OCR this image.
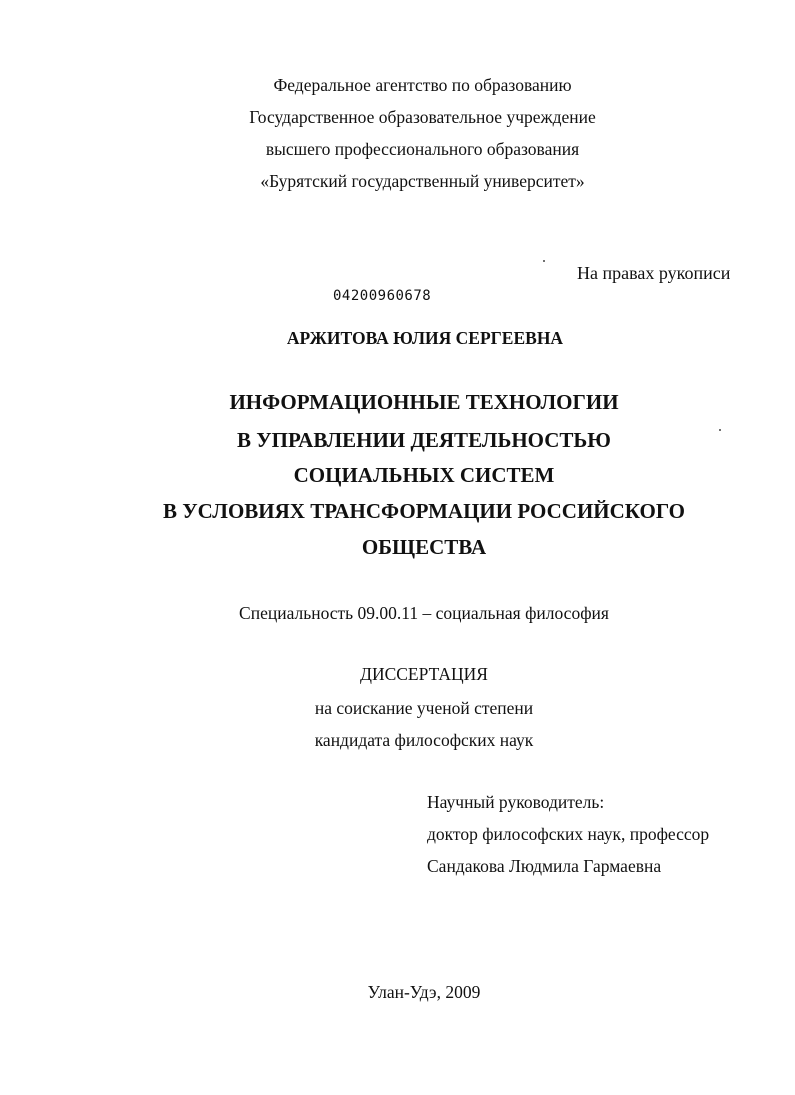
Федеральное агентство по образованию
Государственное образовательное учреждение
высшего профессионального образования
«Бурятский государственный университет»
На правах рукописи
04200960678
АРЖИТОВА ЮЛИЯ СЕРГЕЕВНА
ИНФОРМАЦИОННЫЕ ТЕХНОЛОГИИ
В УПРАВЛЕНИИ ДЕЯТЕЛЬНОСТЬЮ
СОЦИАЛЬНЫХ СИСТЕМ
В УСЛОВИЯХ ТРАНСФОРМАЦИИ РОССИЙСКОГО
ОБЩЕСТВА
Специальность 09.00.11 – социальная философия
ДИССЕРТАЦИЯ
на соискание ученой степени
кандидата философских наук
Научный руководитель:
доктор философских наук, профессор
Сандакова Людмила Гармаевна
Улан-Удэ, 2009
